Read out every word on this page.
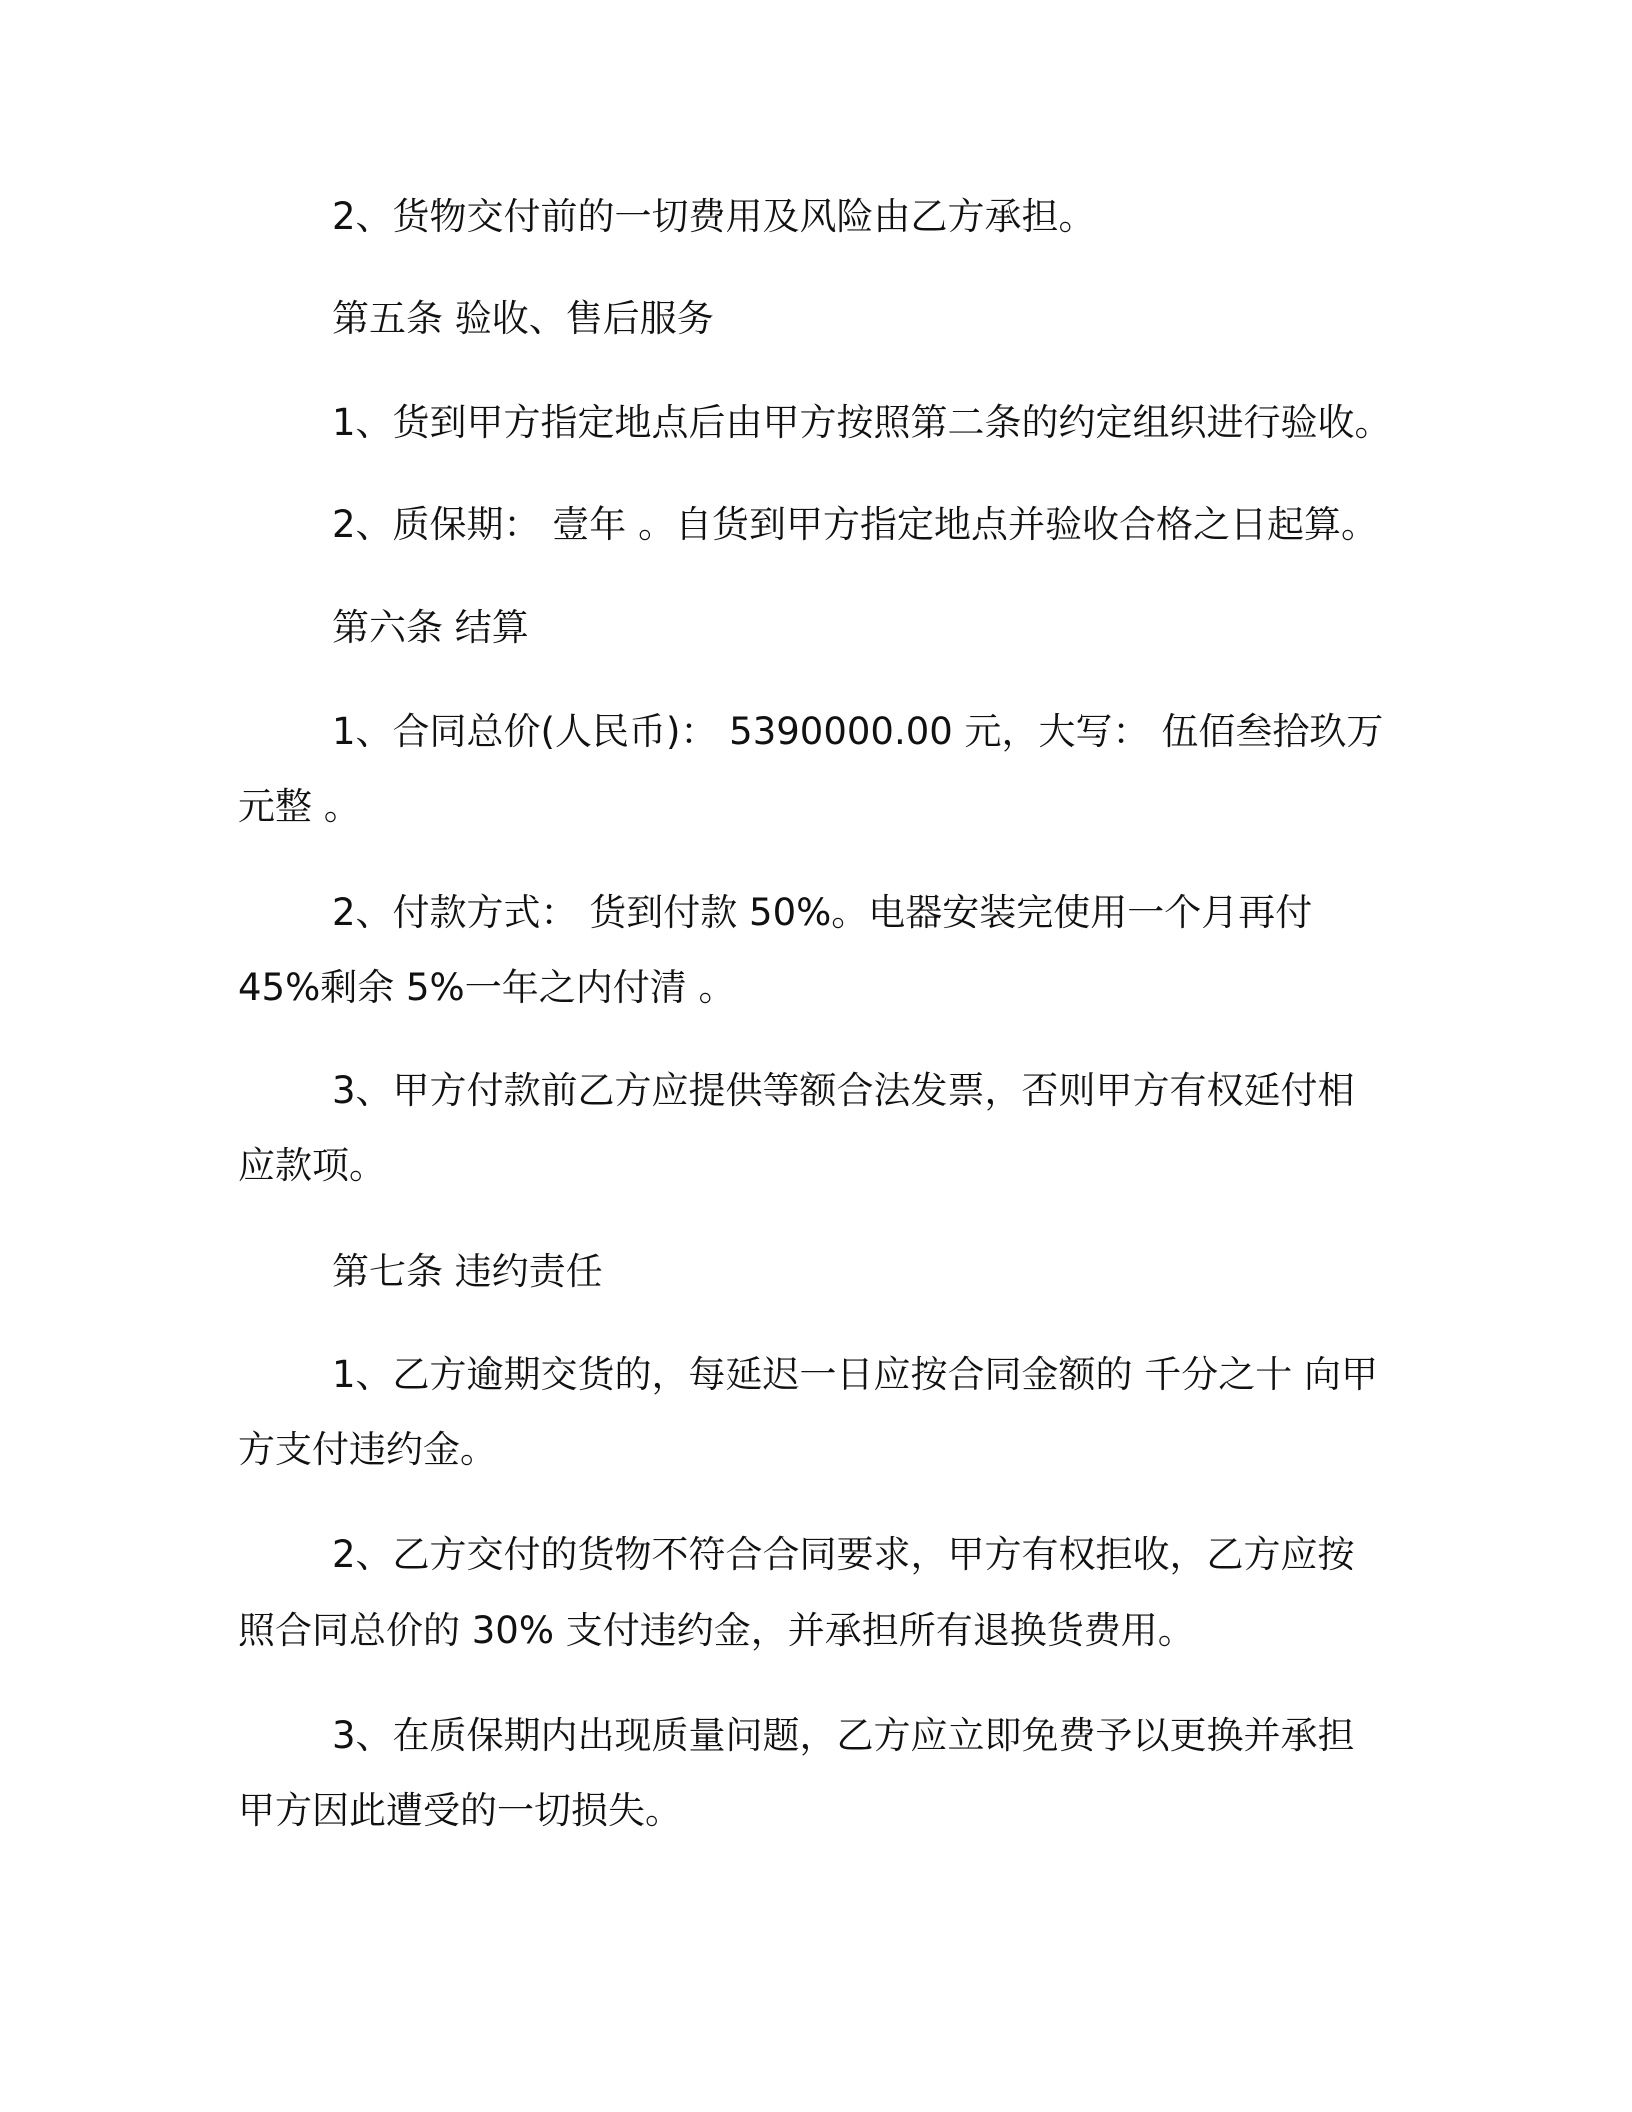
2、货物交付前的一切费用及风险由乙方承担。
第五条 验收、售后服务
1、货到甲方指定地点后由甲方按照第二条的约定组织进行验收。
2、质保期： 壹年 。自货到甲方指定地点并验收合格之日起算。
第六条 结算
1、合同总价(人民币)： 5390000.00 元，大写： 伍佰叁拾玖万
元整 。
2、付款方式： 货到付款 50%。电器安装完使用一个月再付
45%剩余 5%一年之内付清 。
3、甲方付款前乙方应提供等额合法发票，否则甲方有权延付相
应款项。
第七条 违约责任
1、乙方逾期交货的，每延迟一日应按合同金额的 千分之十 向甲
方支付违约金。
2、乙方交付的货物不符合合同要求，甲方有权拒收，乙方应按
照合同总价的 30% 支付违约金，并承担所有退换货费用。
3、在质保期内出现质量问题，乙方应立即免费予以更换并承担
甲方因此遭受的一切损失。
